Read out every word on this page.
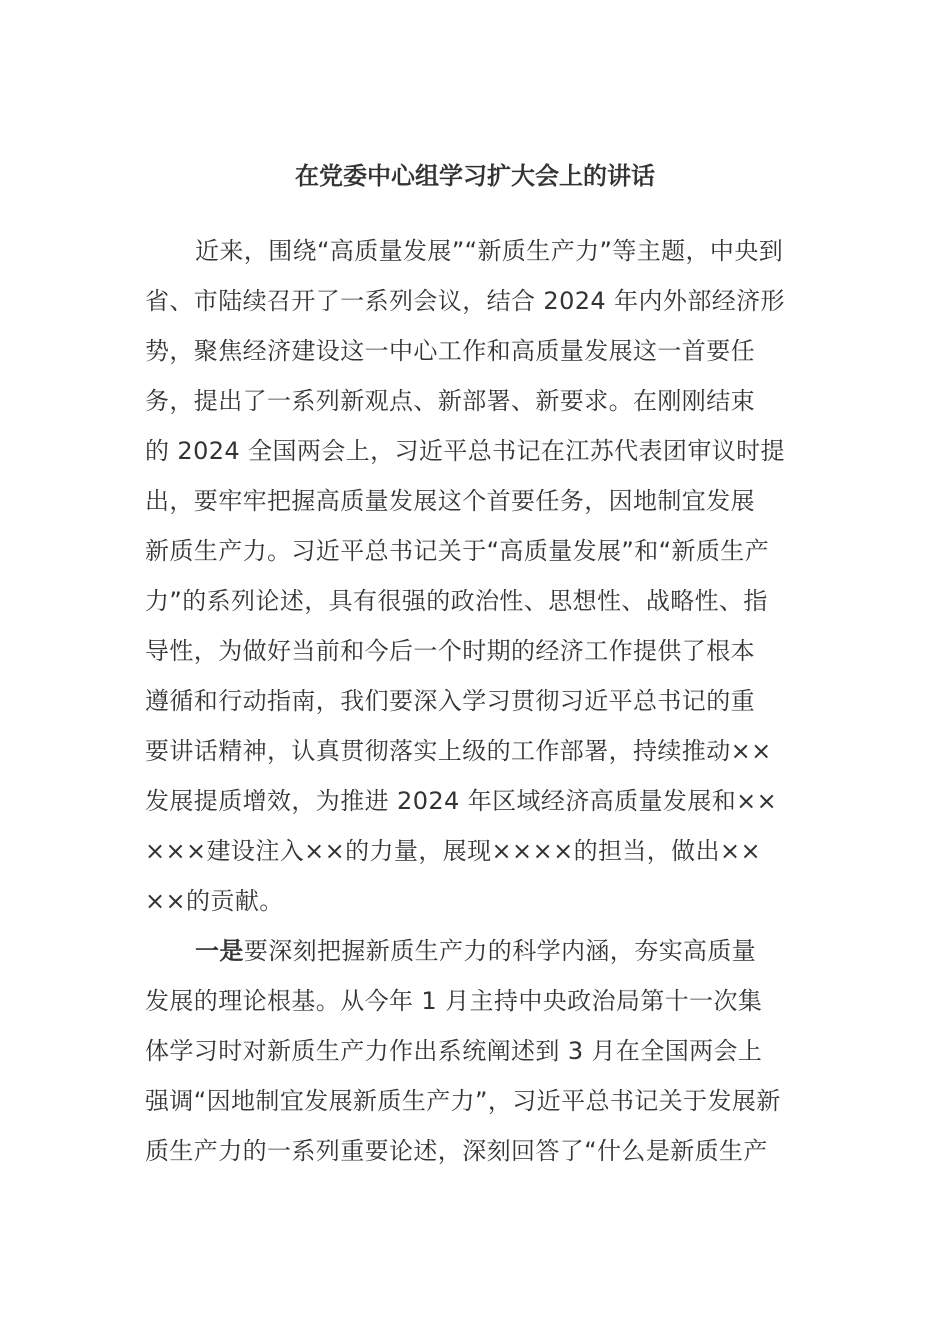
在党委中心组学习扩大会上的讲话
近来，围绕“高质量发展”“新质生产力”等主题，中央到
省、市陆续召开了一系列会议，结合 2024 年内外部经济形
势，聚焦经济建设这一中心工作和高质量发展这一首要任
务，提出了一系列新观点、新部署、新要求。在刚刚结束
的 2024 全国两会上，习近平总书记在江苏代表团审议时提
出，要牢牢把握高质量发展这个首要任务，因地制宜发展
新质生产力。习近平总书记关于“高质量发展”和“新质生产
力”的系列论述，具有很强的政治性、思想性、战略性、指
导性，为做好当前和今后一个时期的经济工作提供了根本
遵循和行动指南，我们要深入学习贯彻习近平总书记的重
要讲话精神，认真贯彻落实上级的工作部署，持续推动××
发展提质增效，为推进 2024 年区域经济高质量发展和××
×××建设注入××的力量，展现××××的担当，做出××
××的贡献。
一是要深刻把握新质生产力的科学内涵，夯实高质量
发展的理论根基。从今年 1 月主持中央政治局第十一次集
体学习时对新质生产力作出系统阐述到 3 月在全国两会上
强调“因地制宜发展新质生产力”，习近平总书记关于发展新
质生产力的一系列重要论述，深刻回答了“什么是新质生产
